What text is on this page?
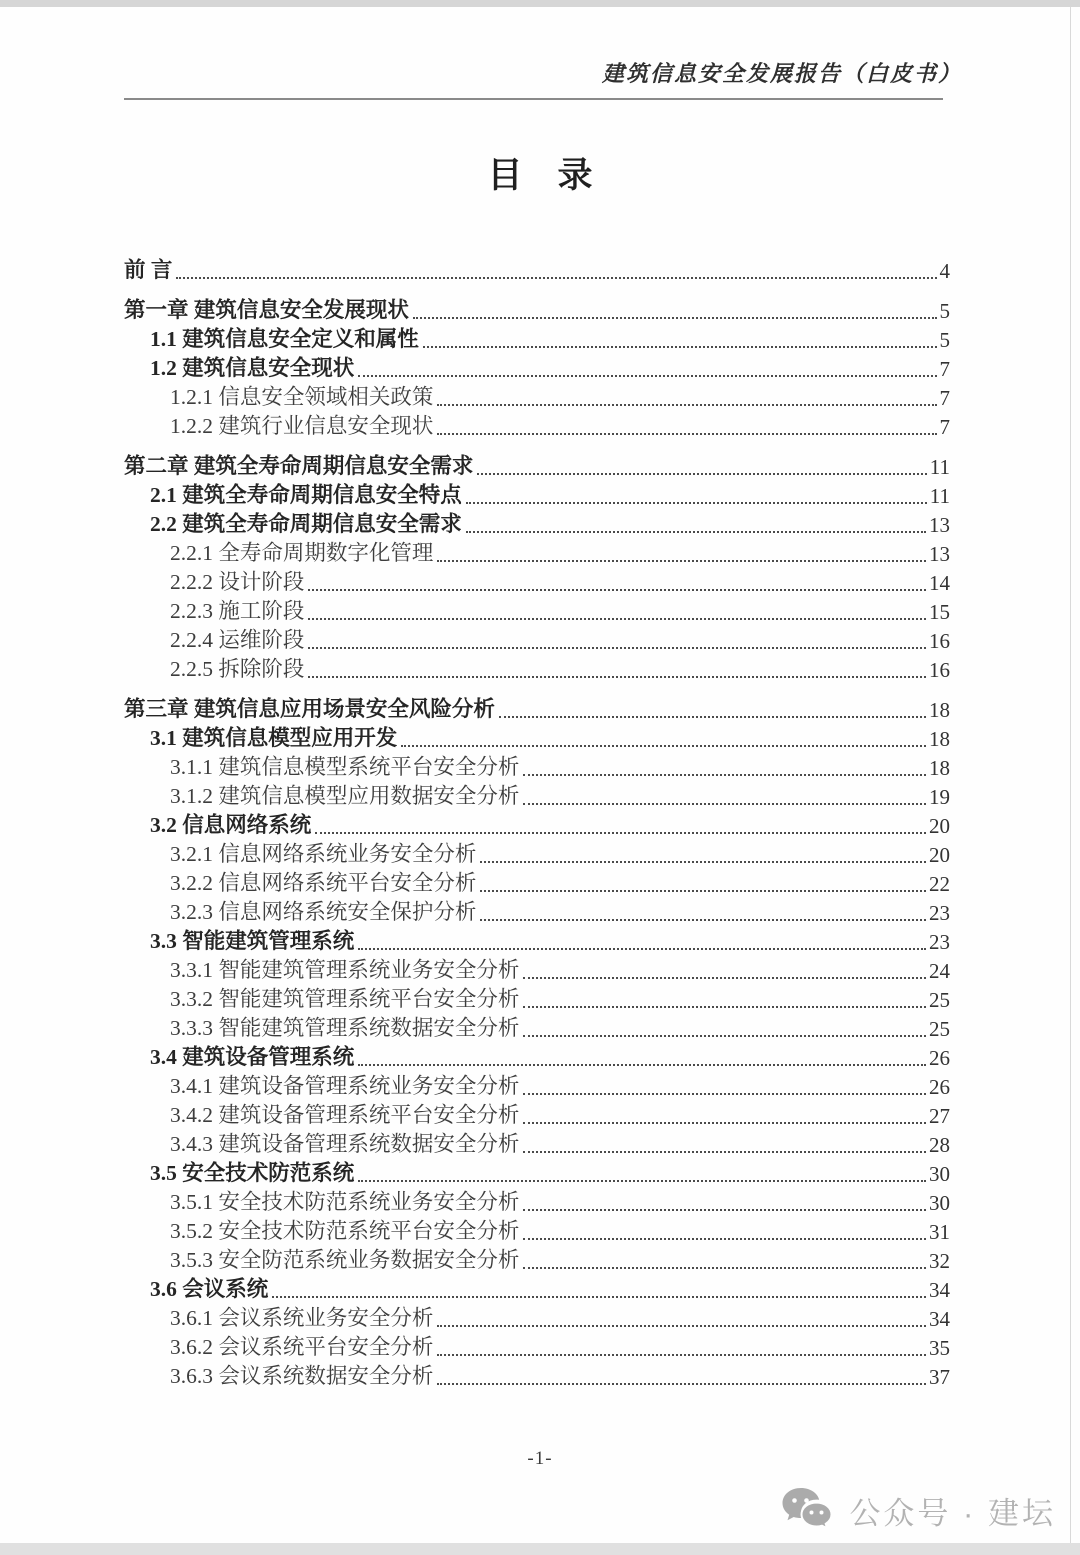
建筑信息安全发展报告（白皮书）
目　录
前 言	4
第一章 建筑信息安全发展现状	5
1.1 建筑信息安全定义和属性	5
1.2 建筑信息安全现状	7
1.2.1 信息安全领域相关政策	7
1.2.2 建筑行业信息安全现状	7
第二章 建筑全寿命周期信息安全需求	11
2.1 建筑全寿命周期信息安全特点	11
2.2 建筑全寿命周期信息安全需求	13
2.2.1 全寿命周期数字化管理	13
2.2.2 设计阶段	14
2.2.3 施工阶段	15
2.2.4 运维阶段	16
2.2.5 拆除阶段	16
第三章 建筑信息应用场景安全风险分析	18
3.1 建筑信息模型应用开发	18
3.1.1 建筑信息模型系统平台安全分析	18
3.1.2 建筑信息模型应用数据安全分析	19
3.2 信息网络系统	20
3.2.1 信息网络系统业务安全分析	20
3.2.2 信息网络系统平台安全分析	22
3.2.3 信息网络系统安全保护分析	23
3.3 智能建筑管理系统	23
3.3.1 智能建筑管理系统业务安全分析	24
3.3.2 智能建筑管理系统平台安全分析	25
3.3.3 智能建筑管理系统数据安全分析	25
3.4 建筑设备管理系统	26
3.4.1 建筑设备管理系统业务安全分析	26
3.4.2 建筑设备管理系统平台安全分析	27
3.4.3 建筑设备管理系统数据安全分析	28
3.5 安全技术防范系统	30
3.5.1 安全技术防范系统业务安全分析	30
3.5.2 安全技术防范系统平台安全分析	31
3.5.3 安全防范系统业务数据安全分析	32
3.6 会议系统	34
3.6.1 会议系统业务安全分析	34
3.6.2 会议系统平台安全分析	35
3.6.3 会议系统数据安全分析	37
-1-
公众号 · 建坛
